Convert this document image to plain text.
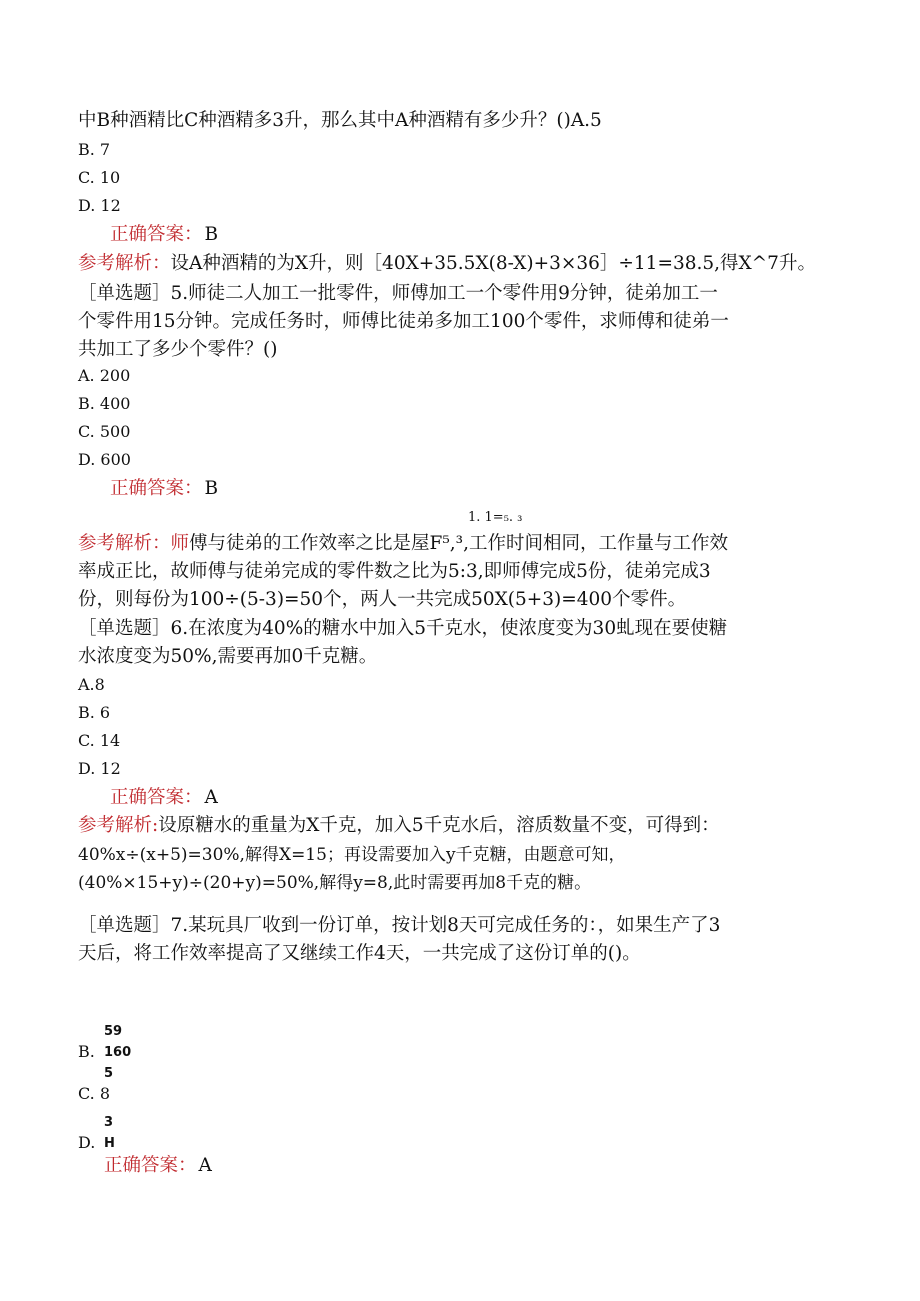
中B种酒精比C种酒精多3升，那么其中A种酒精有多少升？()A.5
B. 7
C. 10
D. 12
正确答案： B
参考解析：设A种酒精的为X升，则［40X+35.5X(8-X)+3×36］÷11=38.5,得X^7升。
［单选题］5.师徒二人加工一批零件，师傅加工一个零件用9分钟，徒弟加工一
个零件用15分钟。完成任务时，师傅比徒弟多加工100个零件，求师傅和徒弟一
共加工了多少个零件？()
A. 200
B. 400
C. 500
D. 600
正确答案： B
1. 1=₅. ₃
参考解析：师傅与徒弟的工作效率之比是屋F⁵,³,工作时间相同，工作量与工作效
率成正比，故师傅与徒弟完成的零件数之比为5:3,即师傅完成5份，徒弟完成3
份，则每份为100÷(5-3)=50个，两人一共完成50X(5+3)=400个零件。
［单选题］6.在浓度为40%的糖水中加入5千克水，使浓度变为30虬现在要使糖
水浓度变为50%,需要再加0千克糖。
A.8
B. 6
C. 14
D. 12
正确答案： A
参考解析:设原糖水的重量为X千克，加入5千克水后，溶质数量不变，可得到：
40%x÷(x+5)=30%,解得X=15；再设需要加入y千克糖，由题意可知，
(40%×15+y)÷(20+y)=50%,解得y=8,此时需要再加8千克的糖。
［单选题］7.某玩具厂收到一份订单，按计划8天可完成任务的：，如果生产了3
天后，将工作效率提高了又继续工作4天，一共完成了这份订单的()。
59
B. 160
5
C. 8
3
D. H
正确答案： A
